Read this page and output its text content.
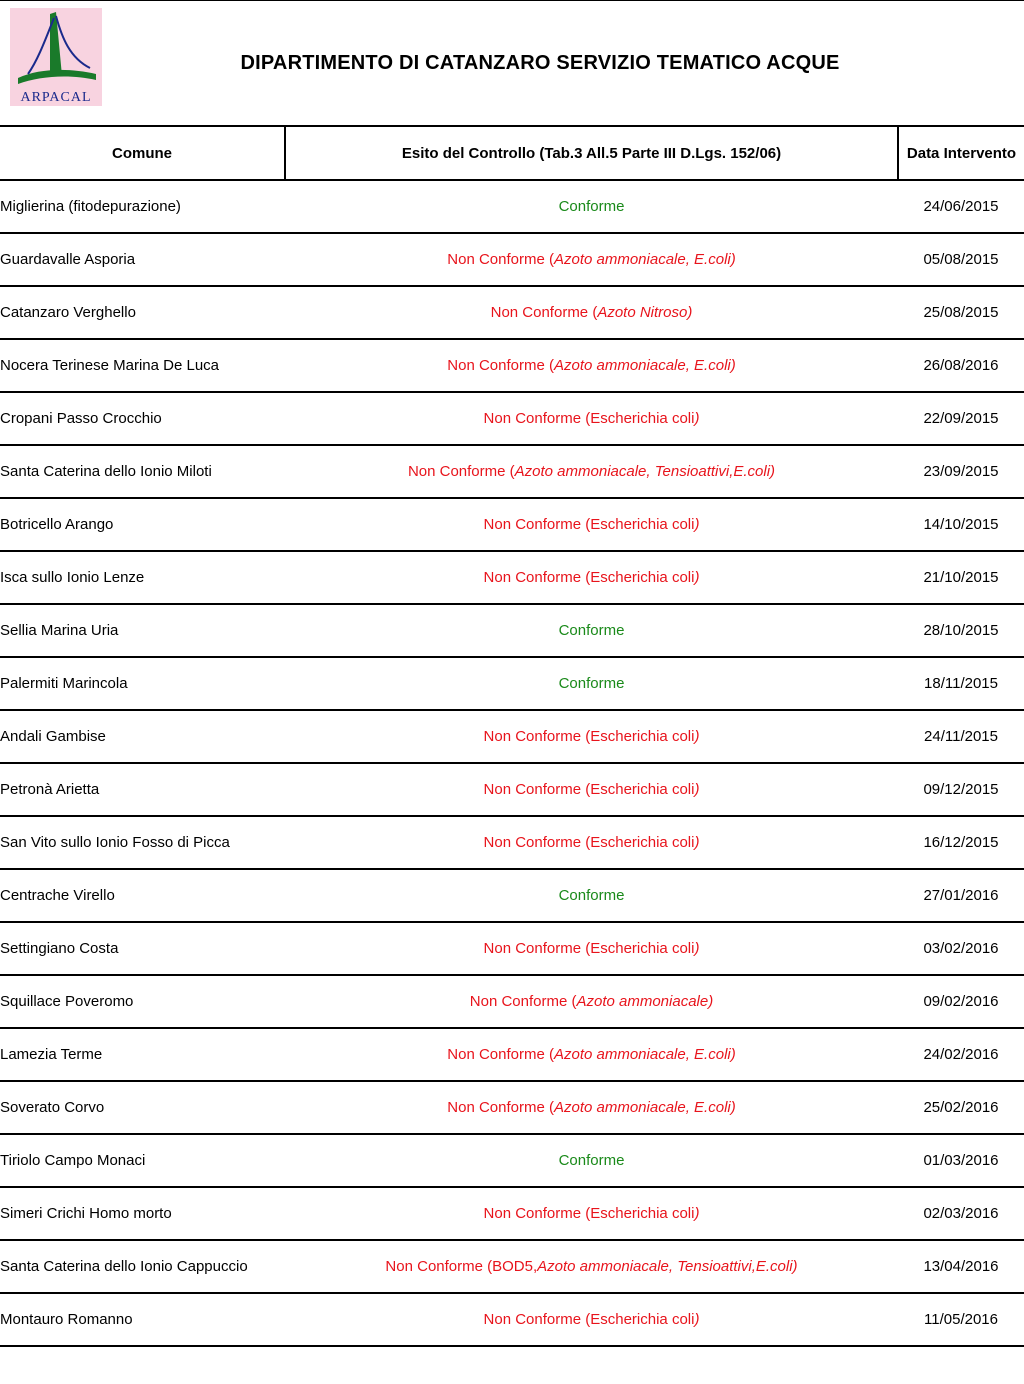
ARPACAL
DIPARTIMENTO DI CATANZARO SERVIZIO TEMATICO ACQUE
Comune	Esito del Controllo (Tab.3 All.5 Parte III D.Lgs. 152/06)	Data Intervento
Miglierina (fitodepurazione)	Conforme	24/06/2015
Guardavalle Asporia	Non Conforme (Azoto ammoniacale, E.coli)	05/08/2015
Catanzaro Verghello	Non Conforme (Azoto Nitroso)	25/08/2015
Nocera Terinese Marina De Luca	Non Conforme (Azoto ammoniacale, E.coli)	26/08/2016
Cropani Passo Crocchio	Non Conforme (Escherichia coli)	22/09/2015
Santa Caterina dello Ionio Miloti	Non Conforme (Azoto ammoniacale, Tensioattivi,E.coli)	23/09/2015
Botricello Arango	Non Conforme (Escherichia coli)	14/10/2015
Isca sullo Ionio Lenze	Non Conforme (Escherichia coli)	21/10/2015
Sellia Marina Uria	Conforme	28/10/2015
Palermiti Marincola	Conforme	18/11/2015
Andali Gambise	Non Conforme (Escherichia coli)	24/11/2015
Petronà Arietta	Non Conforme (Escherichia coli)	09/12/2015
San Vito sullo Ionio Fosso di Picca	Non Conforme (Escherichia coli)	16/12/2015
Centrache Virello	Conforme	27/01/2016
Settingiano Costa	Non Conforme (Escherichia coli)	03/02/2016
Squillace Poveromo	Non Conforme (Azoto ammoniacale)	09/02/2016
Lamezia Terme	Non Conforme (Azoto ammoniacale, E.coli)	24/02/2016
Soverato Corvo	Non Conforme (Azoto ammoniacale, E.coli)	25/02/2016
Tiriolo Campo Monaci	Conforme	01/03/2016
Simeri Crichi Homo morto	Non Conforme (Escherichia coli)	02/03/2016
Santa Caterina dello Ionio Cappuccio	Non Conforme (BOD5,Azoto ammoniacale, Tensioattivi,E.coli)	13/04/2016
Montauro Romanno	Non Conforme (Escherichia coli)	11/05/2016
